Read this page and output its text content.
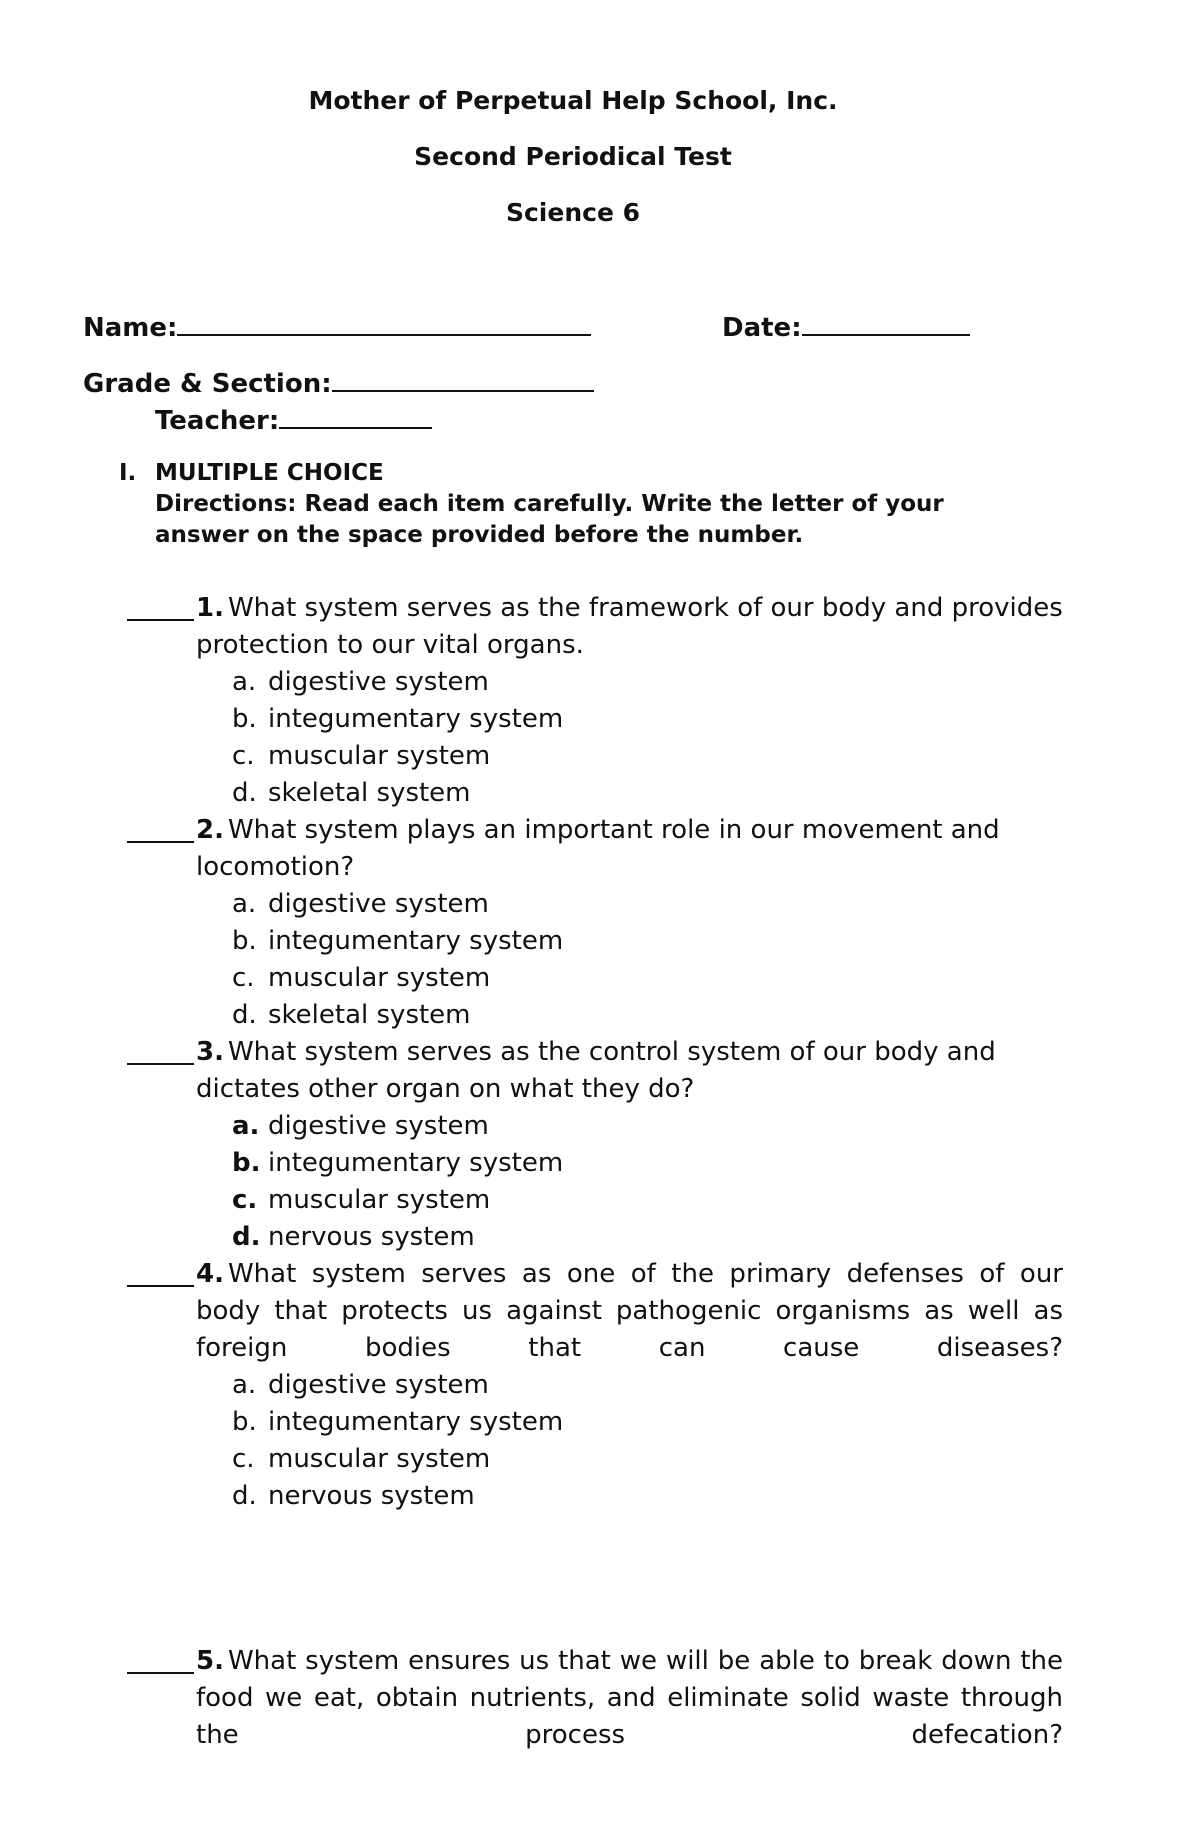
Mother of Perpetual Help School, Inc.
Second Periodical Test
Science 6
Name:	Date:
Grade & Section:
Teacher:
I. MULTIPLE CHOICE
Directions: Read each item carefully. Write the letter of your
answer on the space provided before the number.
1. What system serves as the framework of our body and provides protection to our vital organs.
a. digestive system
b. integumentary system
c. muscular system
d. skeletal system
2. What system plays an important role in our movement and locomotion?
a. digestive system
b. integumentary system
c. muscular system
d. skeletal system
3. What system serves as the control system of our body and dictates other organ on what they do?
a. digestive system
b. integumentary system
c. muscular system
d. nervous system
4. What system serves as one of the primary defenses of our body that protects us against pathogenic organisms as well as foreign bodies that can cause diseases?
a. digestive system
b. integumentary system
c. muscular system
d. nervous system
5. What system ensures us that we will be able to break down the food we eat, obtain nutrients, and eliminate solid waste through the process defecation?
